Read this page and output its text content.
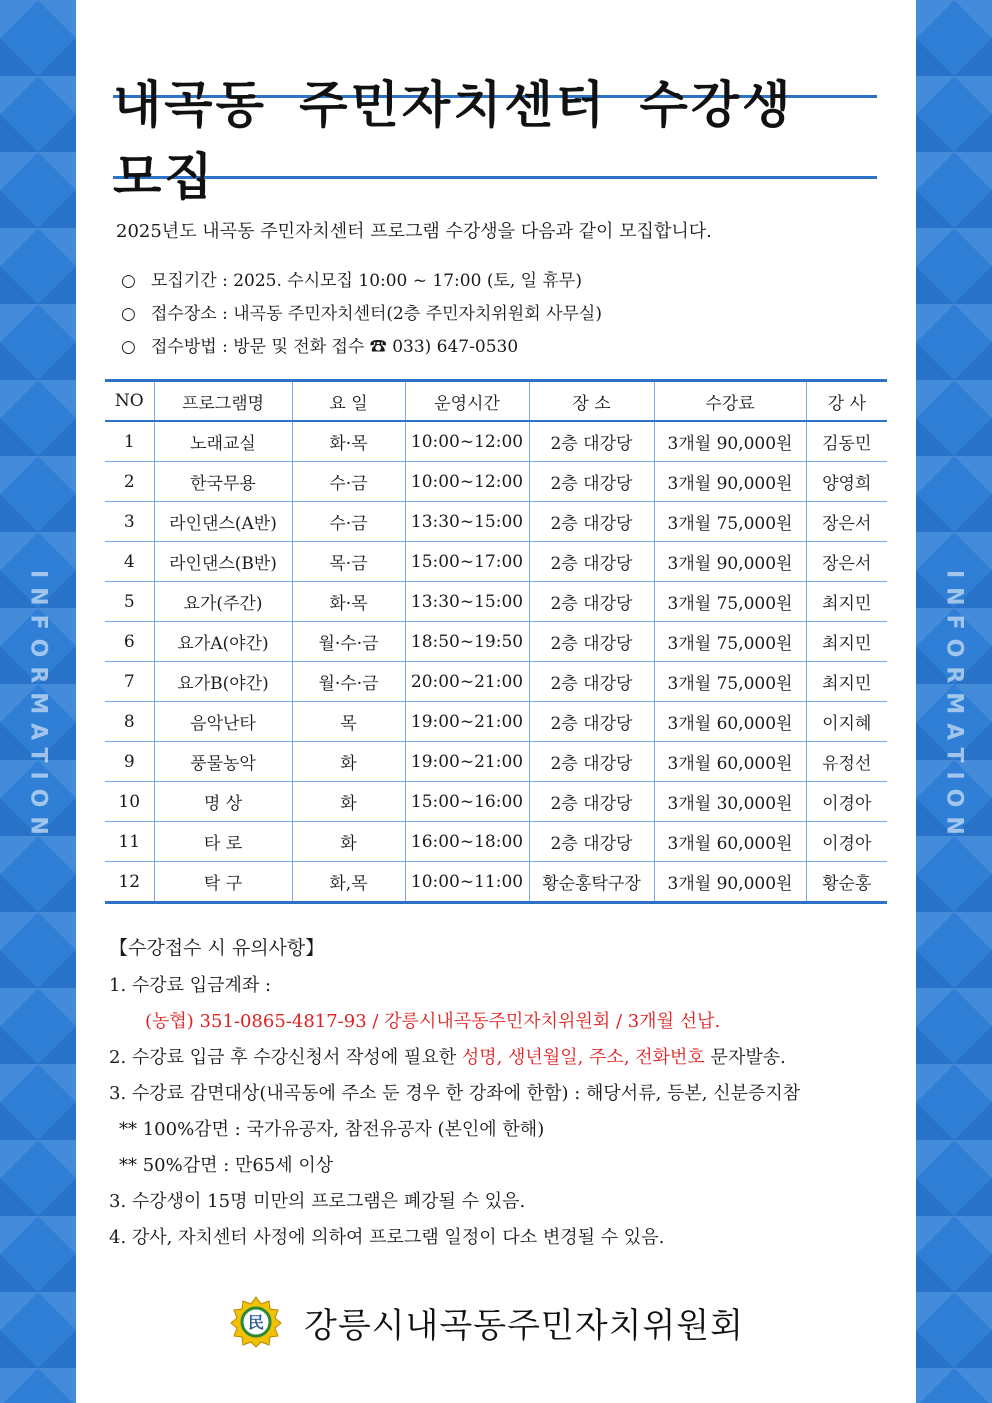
INFORMATION	INFORMATION
내곡동 주민자치센터 수강생 모집
2025년도 내곡동 주민자치센터 프로그램 수강생을 다음과 같이 모집합니다.
○ 모집기간 : 2025. 수시모집 10:00 ~ 17:00 (토, 일 휴무)
○ 접수장소 : 내곡동 주민자치센터(2층 주민자치위원회 사무실)
○ 접수방법 : 방문 및 전화 접수 ☎ 033) 647-0530
NO	프로그램명	요 일	운영시간	장 소	수강료	강 사
1	노래교실	화·목	10:00~12:00	2층 대강당	3개월 90,000원	김동민
2	한국무용	수·금	10:00~12:00	2층 대강당	3개월 90,000원	양영희
3	라인댄스(A반)	수·금	13:30~15:00	2층 대강당	3개월 75,000원	장은서
4	라인댄스(B반)	목·금	15:00~17:00	2층 대강당	3개월 90,000원	장은서
5	요가(주간)	화·목	13:30~15:00	2층 대강당	3개월 75,000원	최지민
6	요가A(야간)	월·수·금	18:50~19:50	2층 대강당	3개월 75,000원	최지민
7	요가B(야간)	월·수·금	20:00~21:00	2층 대강당	3개월 75,000원	최지민
8	음악난타	목	19:00~21:00	2층 대강당	3개월 60,000원	이지혜
9	풍물농악	화	19:00~21:00	2층 대강당	3개월 60,000원	유정선
10	명 상	화	15:00~16:00	2층 대강당	3개월 30,000원	이경아
11	타 로	화	16:00~18:00	2층 대강당	3개월 60,000원	이경아
12	탁 구	화,목	10:00~11:00	황순홍탁구장	3개월 90,000원	황순홍
【수강접수 시 유의사항】
1. 수강료 입금계좌 :
(농협) 351-0865-4817-93 / 강릉시내곡동주민자치위원회 / 3개월 선납.
2. 수강료 입금 후 수강신청서 작성에 필요한 성명, 생년월일, 주소, 전화번호 문자발송.
3. 수강료 감면대상(내곡동에 주소 둔 경우 한 강좌에 한함) : 해당서류, 등본, 신분증지참
** 100%감면 : 국가유공자, 참전유공자 (본인에 한해)
** 50%감면 : 만65세 이상
3. 수강생이 15명 미만의 프로그램은 폐강될 수 있음.
4. 강사, 자치센터 사정에 의하여 프로그램 일정이 다소 변경될 수 있음.
民 강릉시내곡동주민자치위원회
